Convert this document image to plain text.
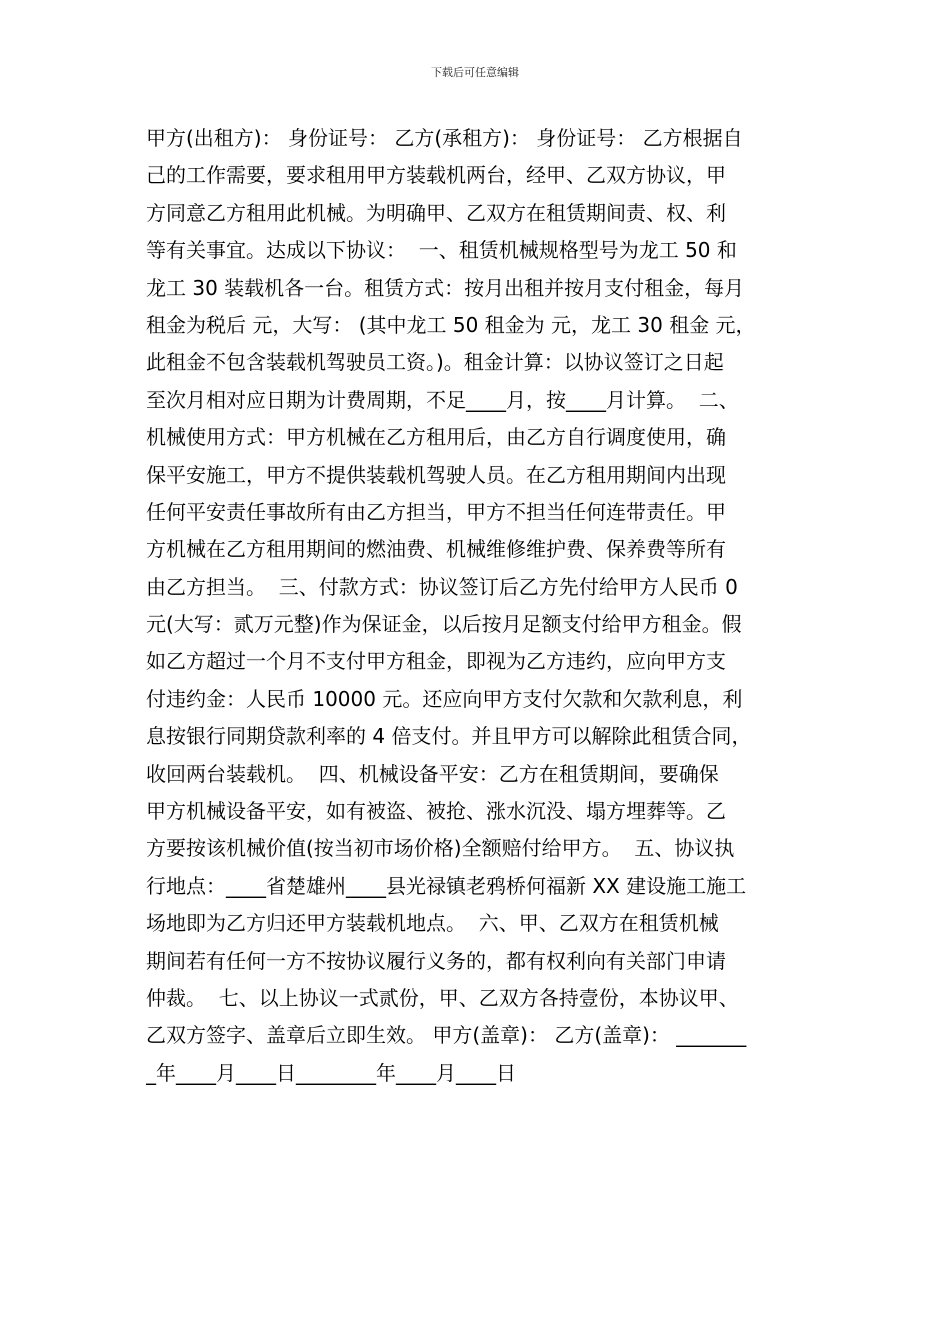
下载后可任意编辑
甲方(出租方)： 身份证号： 乙方(承租方)： 身份证号： 乙方根据自
己的工作需要，要求租用甲方装载机两台，经甲、乙双方协议，甲
方同意乙方租用此机械。为明确甲、乙双方在租赁期间责、权、利
等有关事宜。达成以下协议：  一、租赁机械规格型号为龙工 50 和
龙工 30 装载机各一台。租赁方式：按月出租并按月支付租金，每月
租金为税后 元，大写： (其中龙工 50 租金为 元，龙工 30 租金 元，
此租金不包含装载机驾驶员工资。)。租金计算：以协议签订之日起
至次月相对应日期为计费周期，不足____月，按____月计算。  二、
机械使用方式：甲方机械在乙方租用后，由乙方自行调度使用，确
保平安施工，甲方不提供装载机驾驶人员。在乙方租用期间内出现
任何平安责任事故所有由乙方担当，甲方不担当任何连带责任。甲
方机械在乙方租用期间的燃油费、机械维修维护费、保养费等所有
由乙方担当。  三、付款方式：协议签订后乙方先付给甲方人民币 0
元(大写：贰万元整)作为保证金，以后按月足额支付给甲方租金。假
如乙方超过一个月不支付甲方租金，即视为乙方违约，应向甲方支
付违约金：人民币 10000 元。还应向甲方支付欠款和欠款利息，利
息按银行同期贷款利率的 4 倍支付。并且甲方可以解除此租赁合同，
收回两台装载机。  四、机械设备平安：乙方在租赁期间，要确保
甲方机械设备平安，如有被盗、被抢、涨水沉没、塌方埋葬等。乙
方要按该机械价值(按当初市场价格)全额赔付给甲方。  五、协议执
行地点：____省楚雄州____县光禄镇老鸦桥何福新 XX 建设施工施工
场地即为乙方归还甲方装载机地点。  六、甲、乙双方在租赁机械
期间若有任何一方不按协议履行义务的，都有权利向有关部门申请
仲裁。  七、以上协议一式贰份，甲、乙双方各持壹份，本协议甲、
乙双方签字、盖章后立即生效。 甲方(盖章)： 乙方(盖章)： _______
_年____月____日________年____月____日
